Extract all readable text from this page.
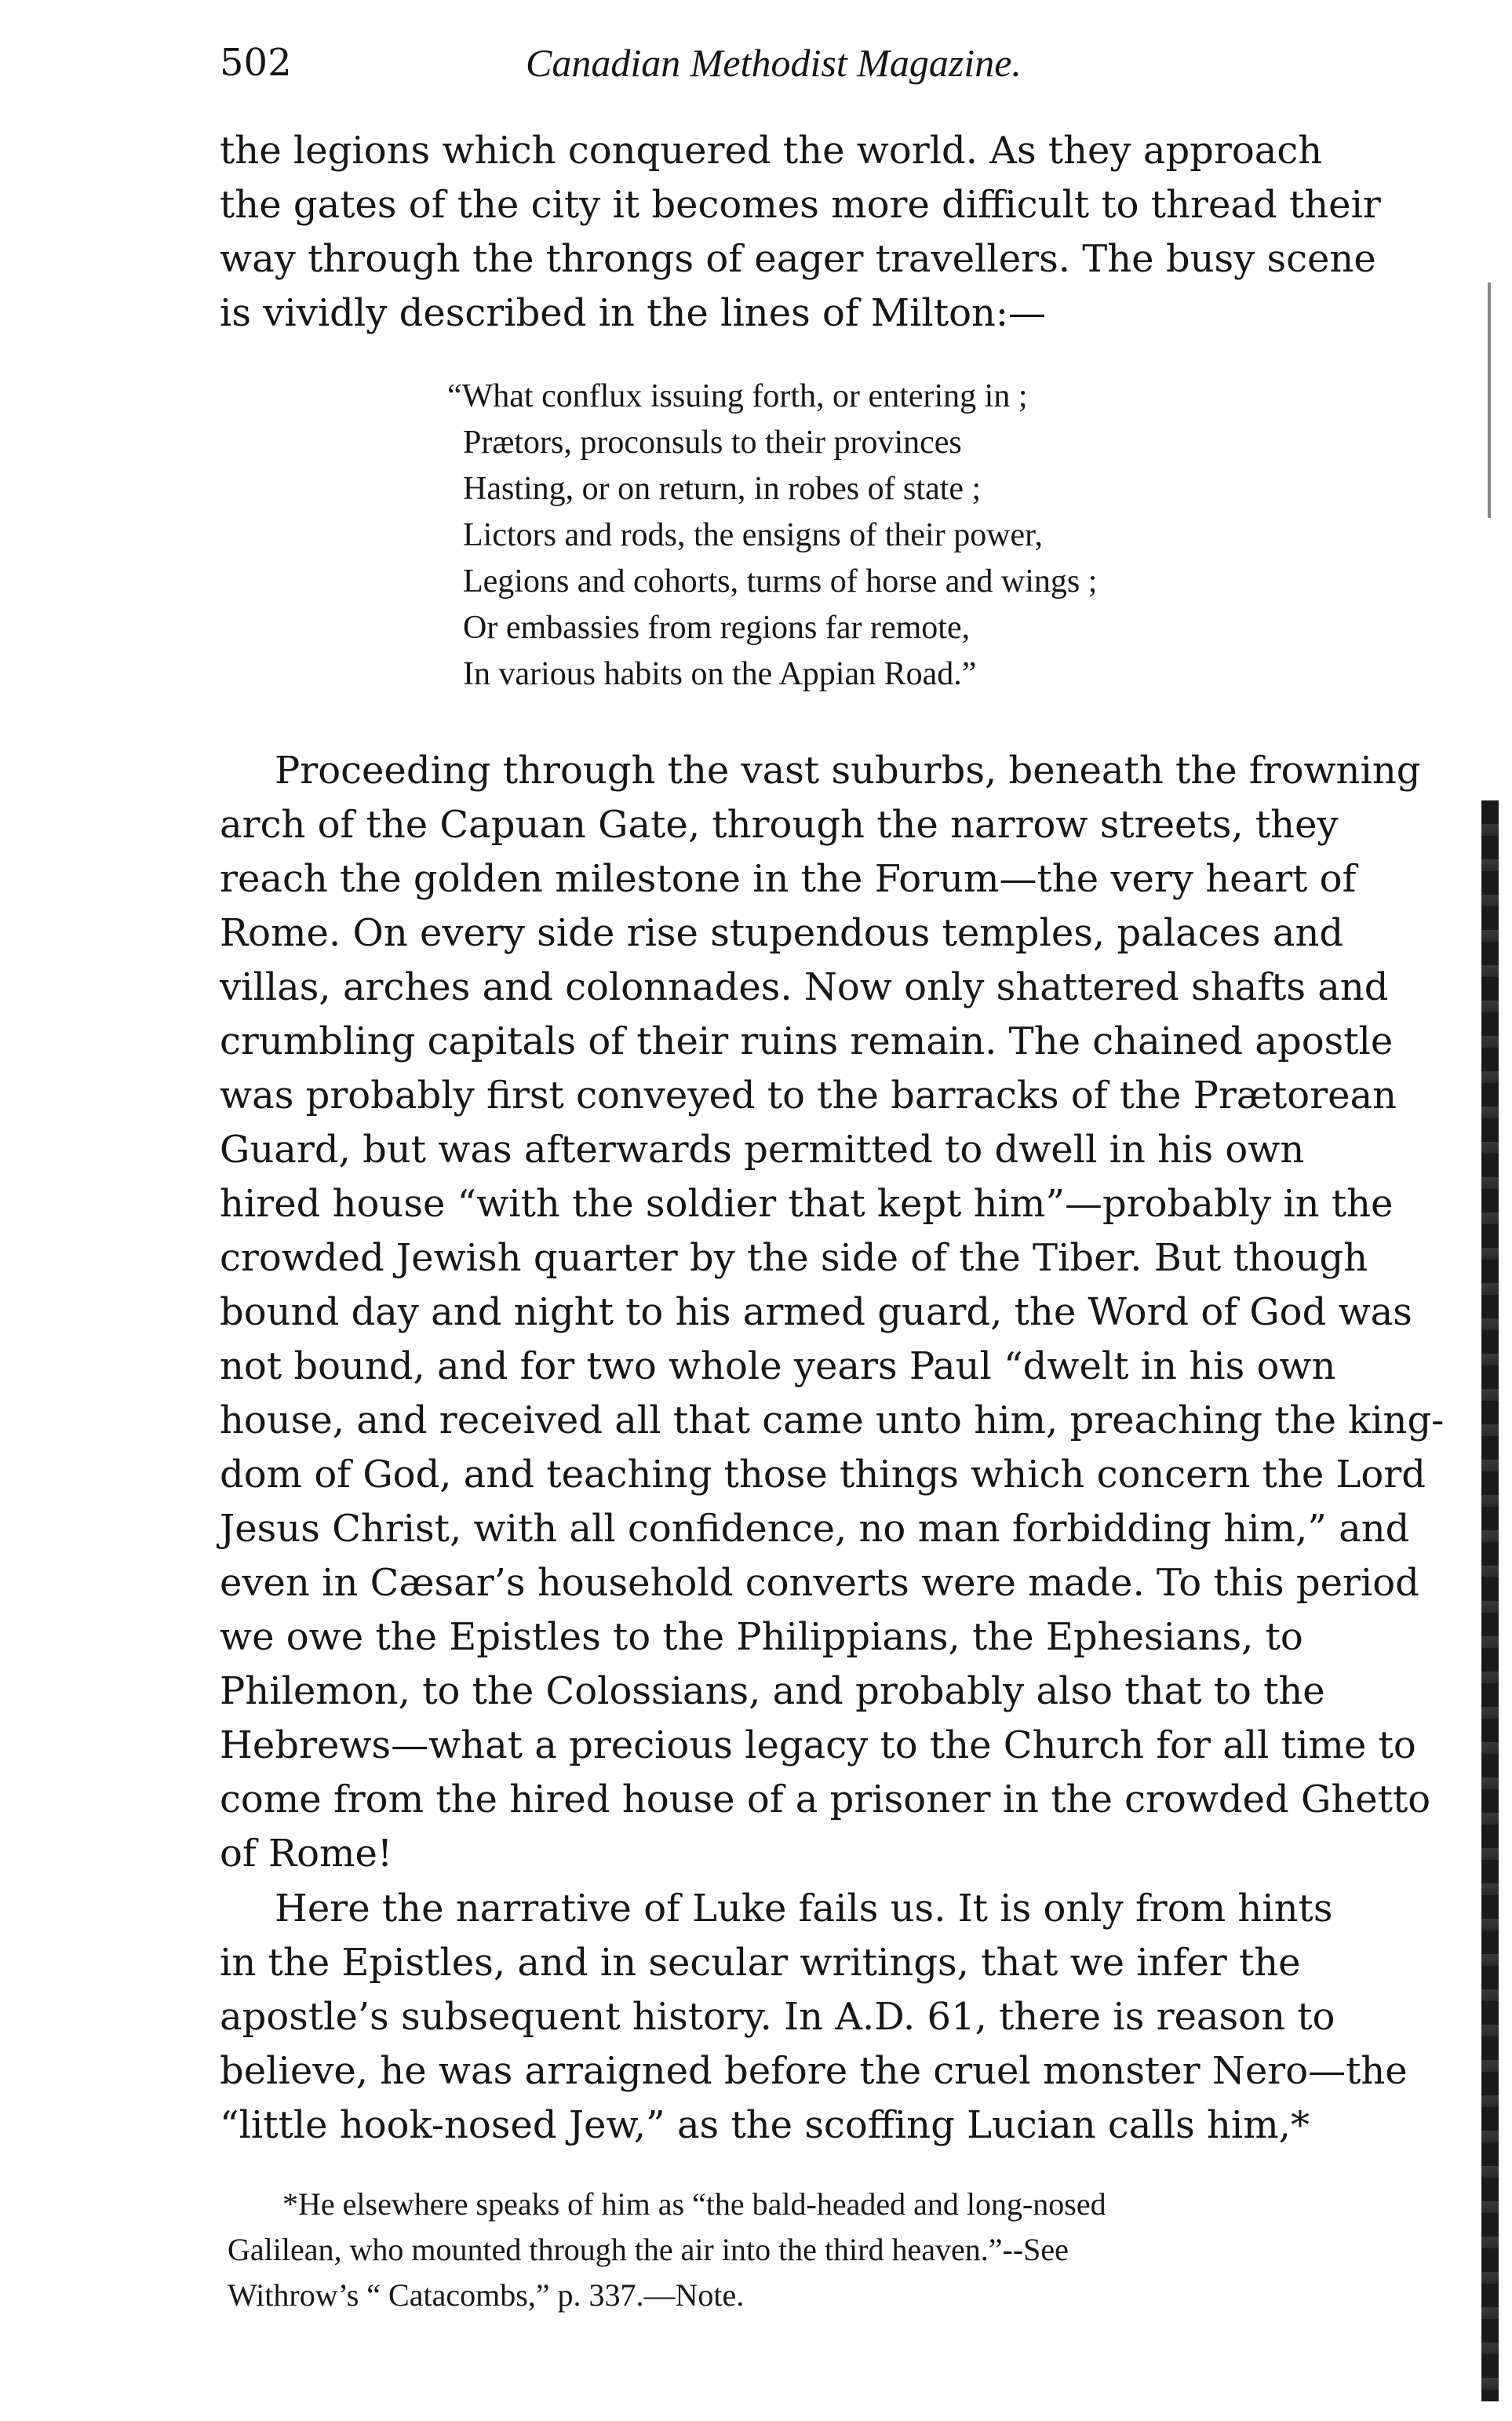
502	Canadian Methodist Magazine.
the legions which conquered the world. As they approach
the gates of the city it becomes more difficult to thread their
way through the throngs of eager travellers. The busy scene
is vividly described in the lines of Milton:—
“What conflux issuing forth, or entering in ;
Prætors, proconsuls to their provinces
Hasting, or on return, in robes of state ;
Lictors and rods, the ensigns of their power,
Legions and cohorts, turms of horse and wings ;
Or embassies from regions far remote,
In various habits on the Appian Road.”
Proceeding through the vast suburbs, beneath the frowning
arch of the Capuan Gate, through the narrow streets, they
reach the golden milestone in the Forum—the very heart of
Rome. On every side rise stupendous temples, palaces and
villas, arches and colonnades. Now only shattered shafts and
crumbling capitals of their ruins remain. The chained apostle
was probably first conveyed to the barracks of the Prætorean
Guard, but was afterwards permitted to dwell in his own
hired house “with the soldier that kept him”—probably in the
crowded Jewish quarter by the side of the Tiber. But though
bound day and night to his armed guard, the Word of God was
not bound, and for two whole years Paul “dwelt in his own
house, and received all that came unto him, preaching the king-
dom of God, and teaching those things which concern the Lord
Jesus Christ, with all confidence, no man forbidding him,” and
even in Cæsar’s household converts were made. To this period
we owe the Epistles to the Philippians, the Ephesians, to
Philemon, to the Colossians, and probably also that to the
Hebrews—what a precious legacy to the Church for all time to
come from the hired house of a prisoner in the crowded Ghetto
of Rome!
Here the narrative of Luke fails us. It is only from hints
in the Epistles, and in secular writings, that we infer the
apostle’s subsequent history. In A.D. 61, there is reason to
believe, he was arraigned before the cruel monster Nero—the
“little hook-nosed Jew,” as the scoffing Lucian calls him,*
*He elsewhere speaks of him as “the bald-headed and long-nosed
Galilean, who mounted through the air into the third heaven.”--See
Withrow’s “ Catacombs,” p. 337.—Note.
